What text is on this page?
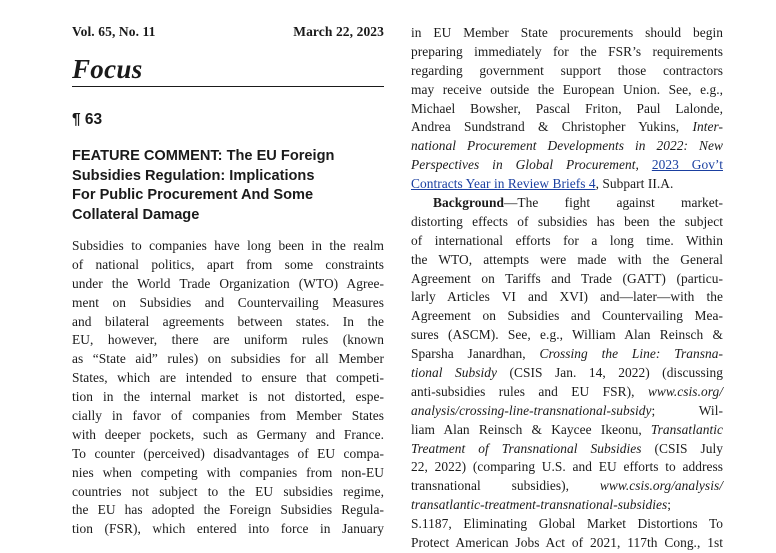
Vol. 65, No. 11	March 22, 2023
Focus
¶ 63
FEATURE COMMENT: The EU Foreign
Subsidies Regulation: Implications
For Public Procurement And Some
Collateral Damage
Subsidies to companies have long been in the realm
of national politics, apart from some constraints
under the World Trade Organization (WTO) Agree-
ment on Subsidies and Countervailing Measures
and bilateral agreements between states. In the
EU, however, there are uniform rules (known
as “State aid” rules) on subsidies for all Member
States, which are intended to ensure that competi-
tion in the internal market is not distorted, espe-
cially in favor of companies from Member States
with deeper pockets, such as Germany and France.
To counter (perceived) disadvantages of EU compa-
nies when competing with companies from non-EU
countries not subject to the EU subsidies regime,
the EU has adopted the Foreign Subsidies Regula-
tion (FSR), which entered into force in January
in EU Member State procurements should begin
preparing immediately for the FSR’s requirements
regarding government support those contractors
may receive outside the European Union. See, e.g.,
Michael Bowsher, Pascal Friton, Paul Lalonde,
Andrea Sundstrand & Christopher Yukins, Inter-
national Procurement Developments in 2022: New
Perspectives in Global Procurement, 2023 Gov’t
Contracts Year in Review Briefs 4, Subpart II.A.
Background—The fight against market-
distorting effects of subsidies has been the subject
of international efforts for a long time. Within
the WTO, attempts were made with the General
Agreement on Tariffs and Trade (GATT) (particu-
larly Articles VI and XVI) and—later—with the
Agreement on Subsidies and Countervailing Mea-
sures (ASCM). See, e.g., William Alan Reinsch &
Sparsha Janardhan, Crossing the Line: Transna-
tional Subsidy (CSIS Jan. 14, 2022) (discussing
anti-subsidies rules and EU FSR), www.csis.org/
analysis/crossing-line-transnational-subsidy; Wil-
liam Alan Reinsch & Kaycee Ikeonu, Transatlantic
Treatment of Transnational Subsidies (CSIS July
22, 2022) (comparing U.S. and EU efforts to address
transnational subsidies), www.csis.org/analysis/
transatlantic-treatment-transnational-subsidies;
S.1187, Eliminating Global Market Distortions To
Protect American Jobs Act of 2021, 117th Cong., 1st
